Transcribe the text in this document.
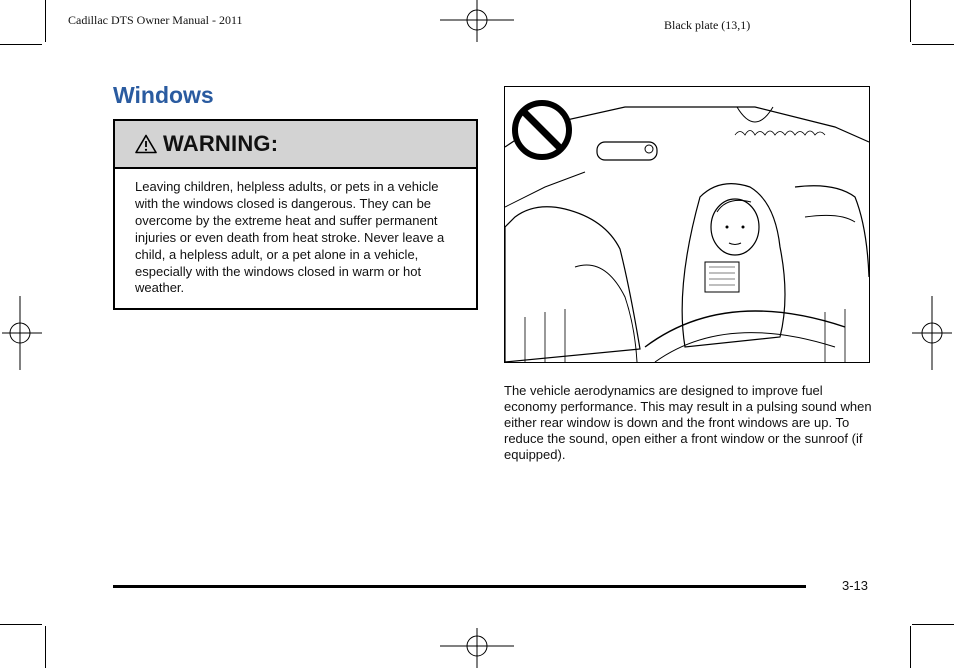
Cadillac DTS Owner Manual - 2011	Black plate (13,1)
Windows
WARNING:

Leaving children, helpless adults, or pets in a vehicle with the windows closed is dangerous. They can be overcome by the extreme heat and suffer permanent injuries or even death from heat stroke. Never leave a child, a helpless adult, or a pet alone in a vehicle, especially with the windows closed in warm or hot weather.

The vehicle aerodynamics are designed to improve fuel economy performance. This may result in a pulsing sound when either rear window is down and the front windows are up. To reduce the sound, open either a front window or the sunroof (if equipped).

3-13
